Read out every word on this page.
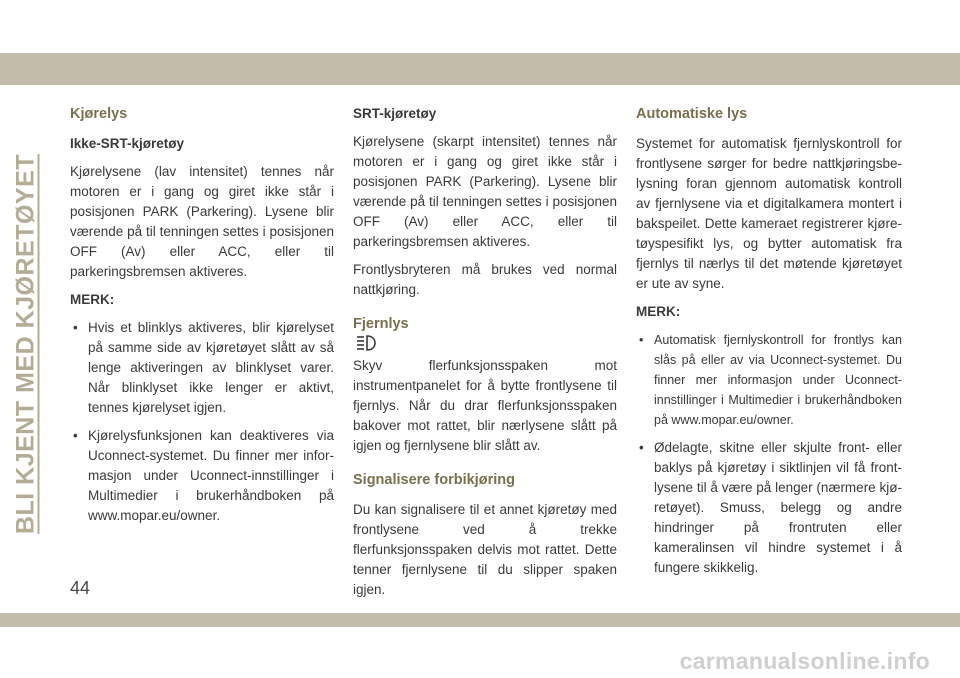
BLI KJENT MED KJØRETØYET
Kjørelys
Ikke-SRT-kjøretøy

Kjørelysene (lav intensitet) tennes når motoren er i gang og giret ikke står i posisjonen PARK (Parkering). Lysene blir værende på til tenningen settes i posisjonen OFF (Av) eller ACC, eller til parkeringsbremsen aktiveres.

MERK:
• Hvis et blinklys aktiveres, blir kjørelyset på samme side av kjøretøyet slått av så lenge aktiveringen av blinklyset varer. Når blinklyset ikke lenger er aktivt, tennes kjørelyset igjen.
• Kjørelysfunksjonen kan deaktiveres via Uconnect-systemet. Du finner mer informasjon under Uconnect-innstillinger i Multimedier i brukerhåndboken på www.mopar.eu/owner.
SRT-kjøretøy

Kjørelysene (skarpt intensitet) tennes når motoren er i gang og giret ikke står i posisjonen PARK (Parkering). Lysene blir værende på til tenningen settes i posisjonen OFF (Av) eller ACC, eller til parkeringsbremsen aktiveres.

Frontlysbryteren må brukes ved normal nattkjøring.

Fjernlys

Skyv flerfunksjonsspaken mot instrumentpanelet for å bytte frontlysene til fjernlys. Når du drar flerfunksjonsspaken bakover mot rattet, blir nærlysene slått på igjen og fjernlysene blir slått av.

Signalisere forbikjøring

Du kan signalisere til et annet kjøretøy med frontlysene ved å trekke flerfunksjonsspaken delvis mot rattet. Dette tenner fjernlysene til du slipper spaken igjen.

Automatiske lys

Systemet for automatisk fjernlyskontroll for frontlysene sørger for bedre nattkjøringsbelysning foran gjennom automatisk kontroll av fjernlysene via et digitalkamera montert i bakspeilet. Dette kameraet registrerer kjøretøyspesifikt lys, og bytter automatisk fra fjernlys til nærlys til det møtende kjøretøyet er ute av syne.

MERK:
• Automatisk fjernlyskontroll for frontlys kan slås på eller av via Uconnect-systemet. Du finner mer informasjon under Uconnect-innstillinger i Multimedier i brukerhåndboken på www.mopar.eu/owner.
• Ødelagte, skitne eller skjulte front- eller baklys på kjøretøy i siktlinjen vil få frontlysene til å være på lenger (nærmere kjøretøyet). Smuss, belegg og andre hindringer på frontruten eller kameralinsen vil hindre systemet i å fungere skikkelig.
44
carmanualsonline.info
